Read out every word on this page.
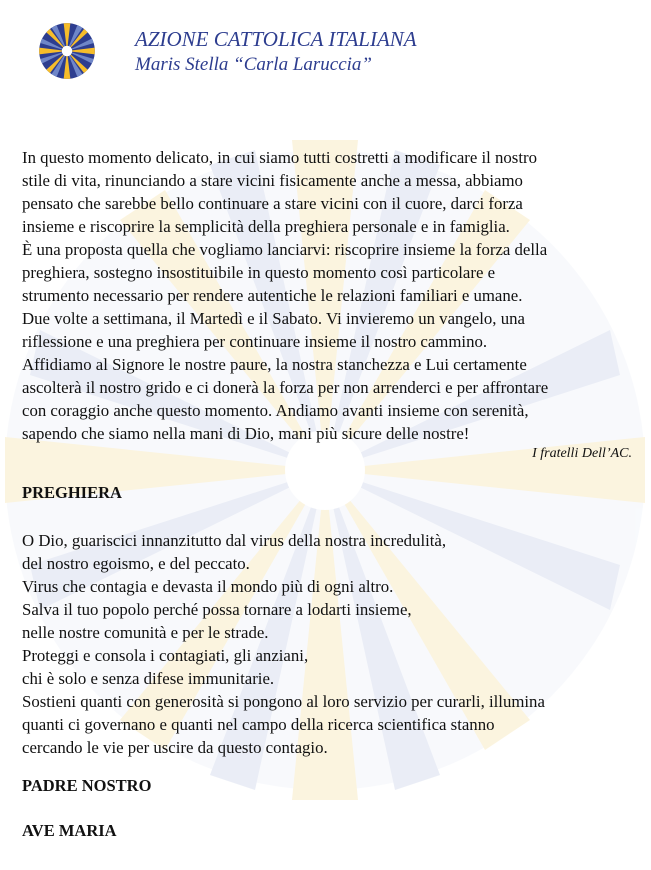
AZIONE CATTOLICA ITALIANA
Maris Stella “Carla Laruccia”

In questo momento delicato, in cui siamo tutti costretti a modificare il nostro

stile di vita, rinunciando a stare vicini fisicamente anche a messa, abbiamo

pensato che sarebbe bello continuare a stare vicini con il cuore, darci forza

insieme e riscoprire la semplicità della preghiera personale e in famiglia.

È una proposta quella che vogliamo lanciarvi: riscoprire insieme la forza della

preghiera, sostegno insostituibile in questo momento così particolare e

strumento necessario per rendere autentiche le relazioni familiari e umane.

Due volte a settimana, il Martedì e il Sabato. Vi invieremo un vangelo, una

riflessione e una preghiera per continuare insieme il nostro cammino.

Affidiamo al Signore le nostre paure, la nostra stanchezza e Lui certamente

ascolterà il nostro grido e ci donerà la forza per non arrenderci e per affrontare

con coraggio anche questo momento. Andiamo avanti insieme con serenità,

sapendo che siamo nella mani di Dio, mani più sicure delle nostre!

I fratelli Dell’AC.

PREGHIERA

O Dio, guariscici innanzitutto dal virus della nostra incredulità,

del nostro egoismo, e del peccato.

Virus che contagia e devasta il mondo più di ogni altro.

Salva il tuo popolo perché possa tornare a lodarti insieme,

nelle nostre comunità e per le strade.

Proteggi e consola i contagiati, gli anziani,

chi è solo e senza difese immunitarie.

Sostieni quanti con generosità si pongono al loro servizio per curarli, illumina

quanti ci governano e quanti nel campo della ricerca scientifica stanno

cercando le vie per uscire da questo contagio.

PADRE NOSTRO
AVE MARIA
